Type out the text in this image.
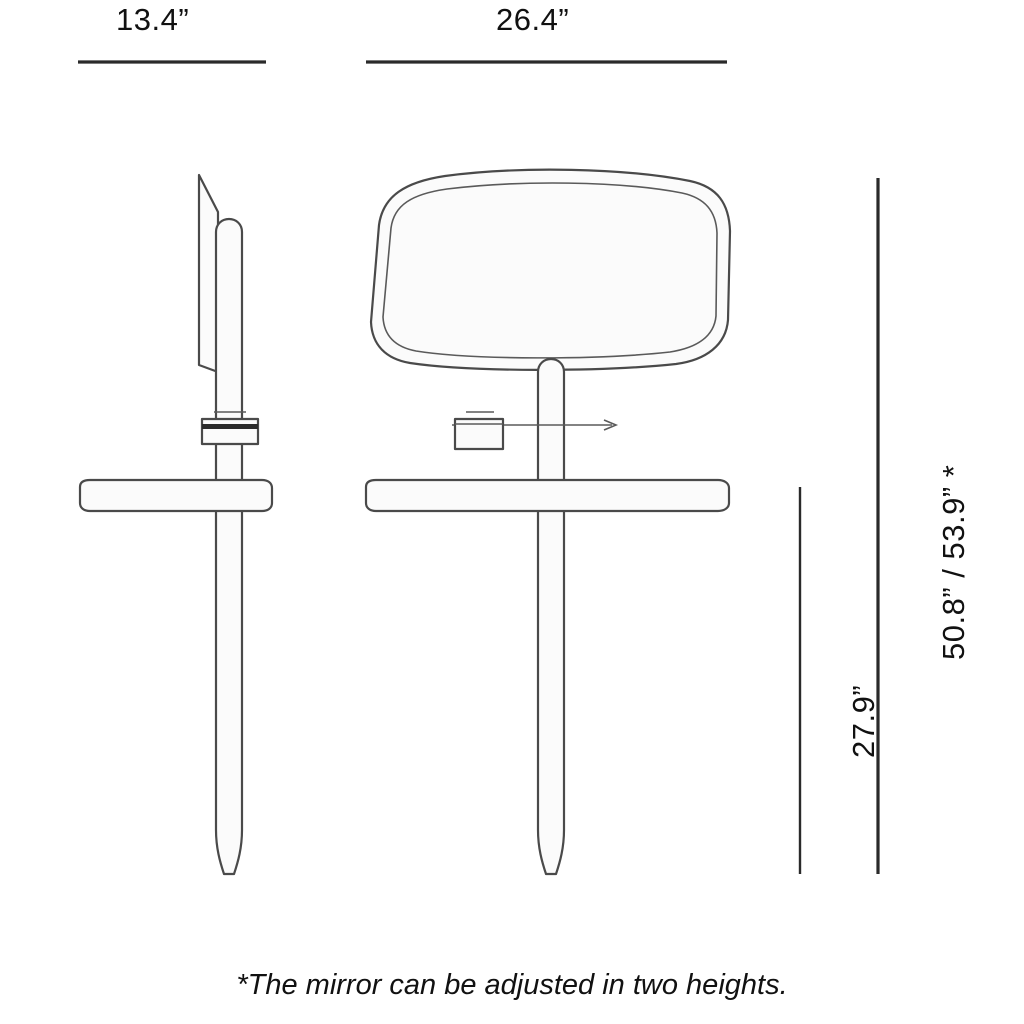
13.4”	26.4”
50.8” / 53.9” *
27.9”
*The mirror can be adjusted in two heights.
